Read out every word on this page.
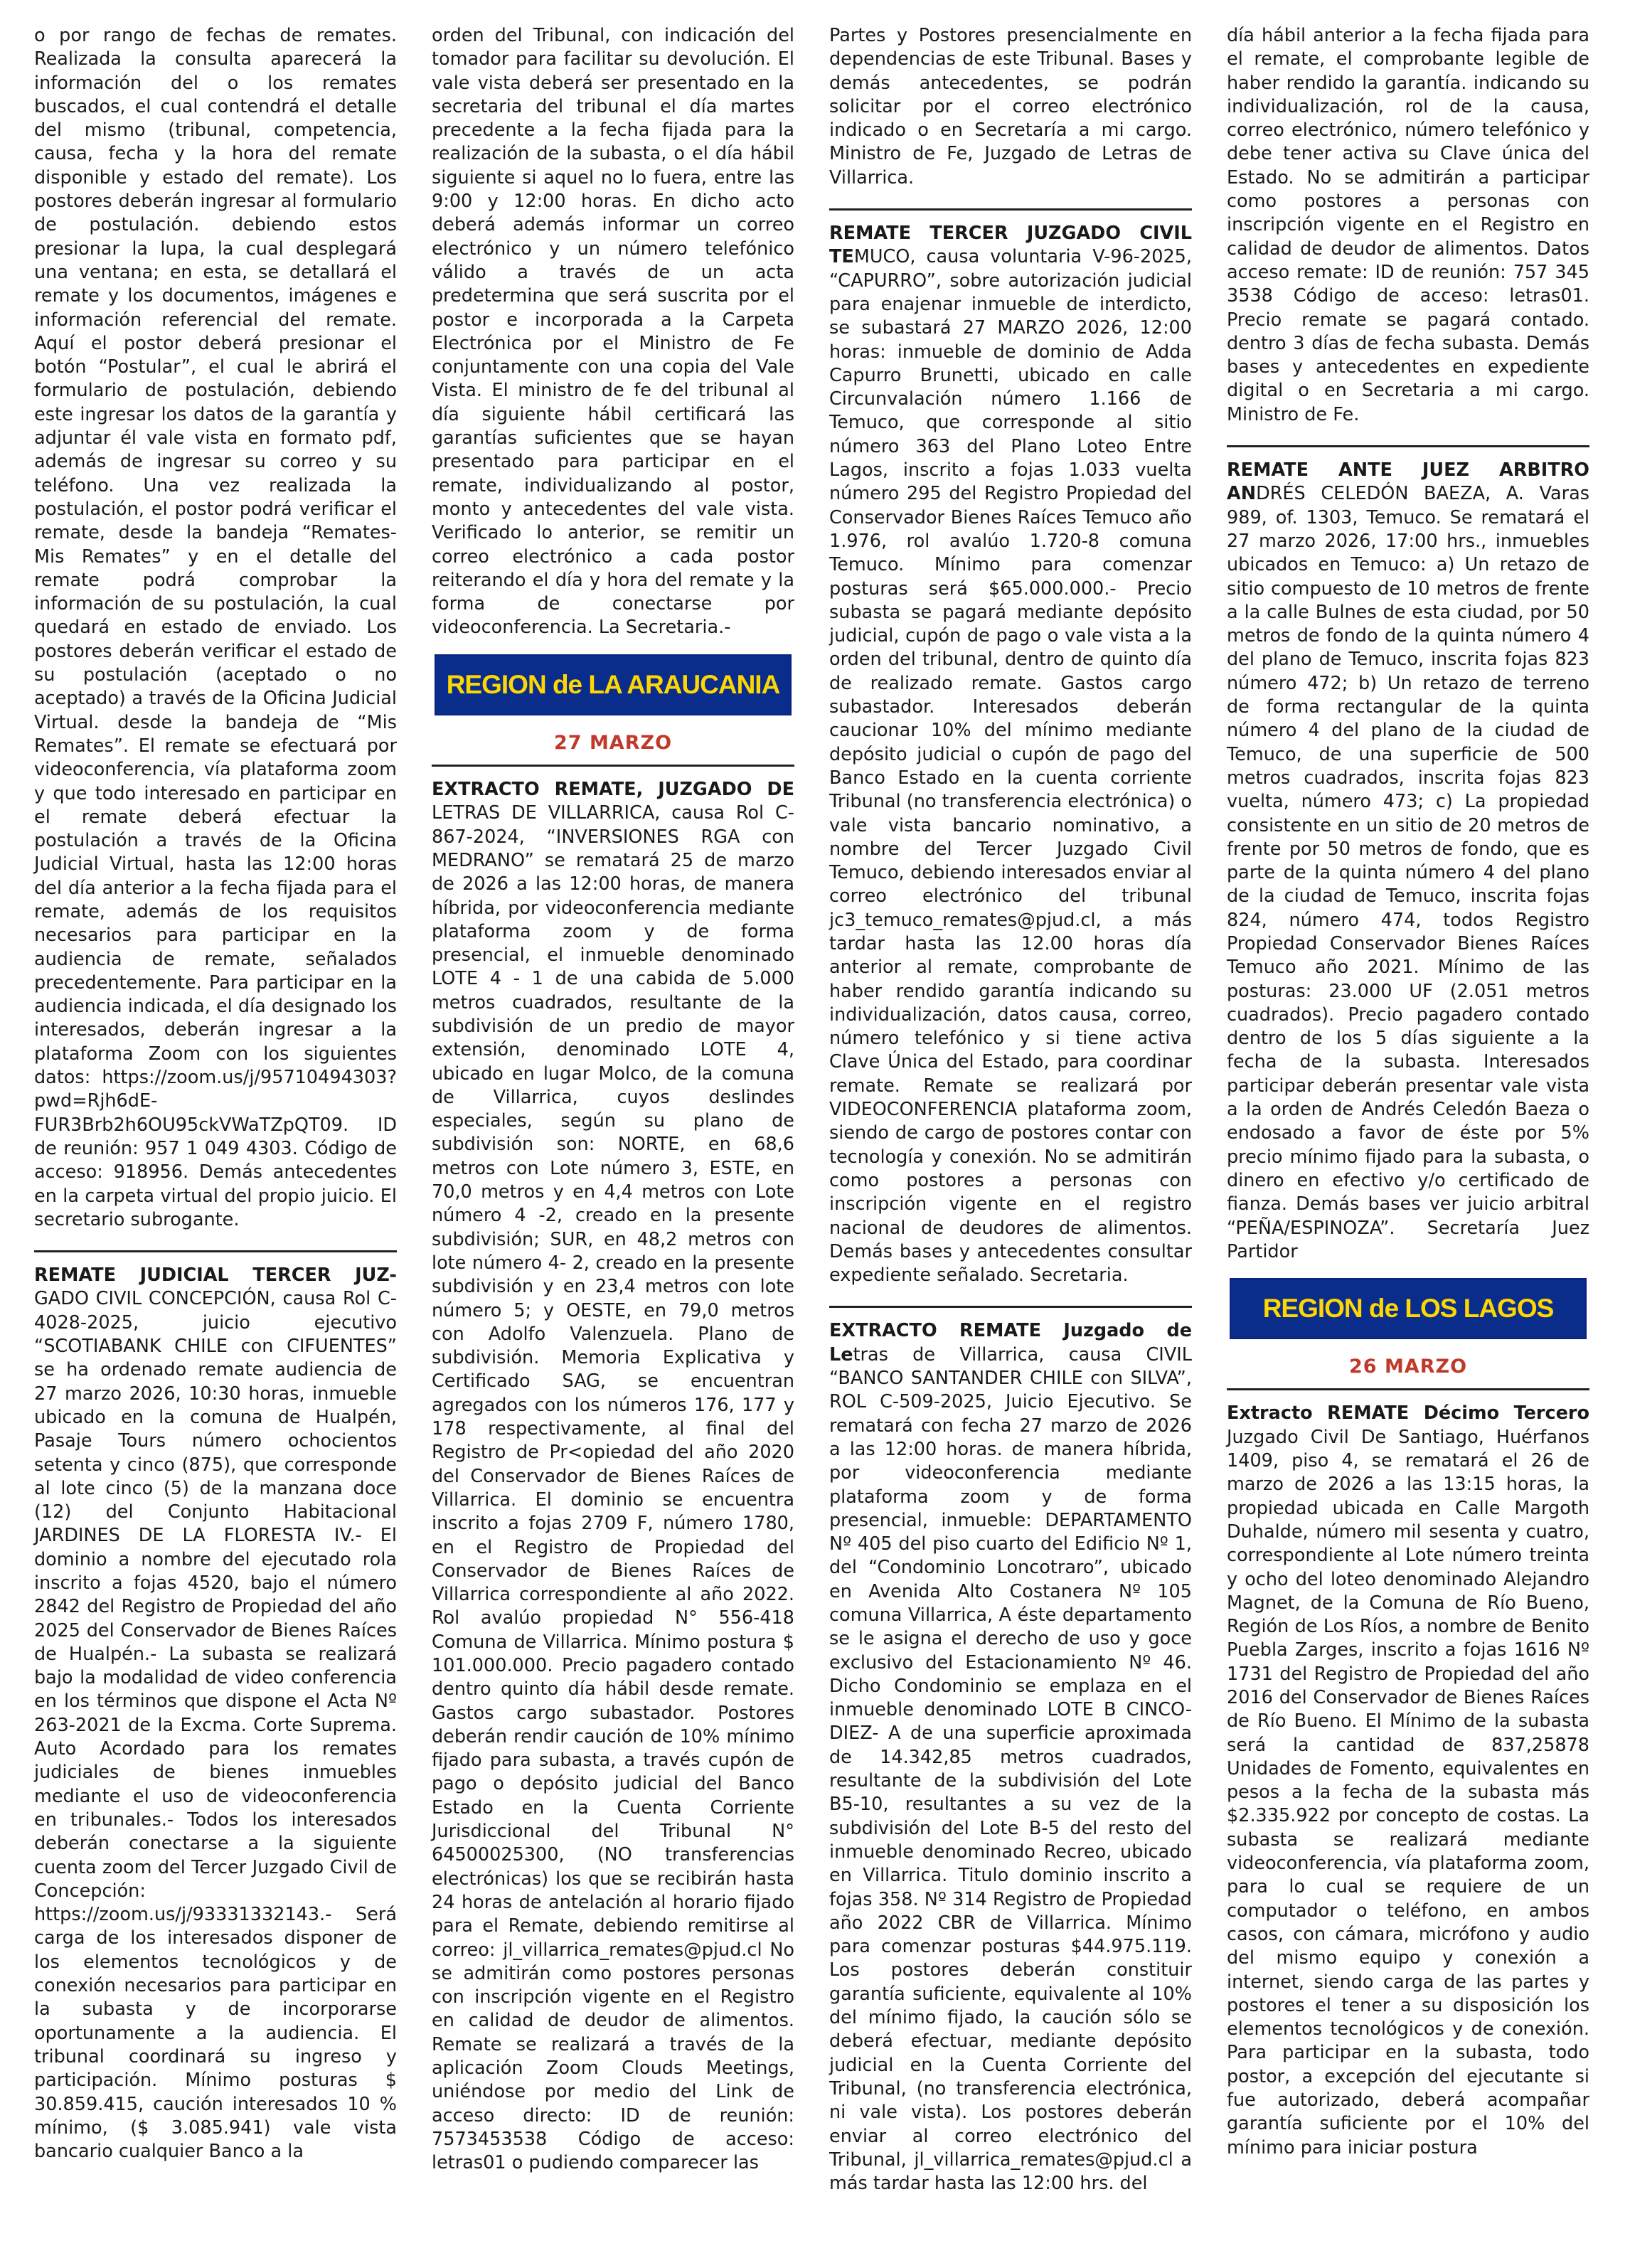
o por rango de fechas de remates. Realizada la consulta aparecerá la información del o los remates buscados, el cual contendrá el detalle del mismo (tribunal, competencia, causa, fecha y la hora del remate disponible y estado del remate). Los postores deberán ingresar al formulario de postulación. debiendo estos presionar la lupa, la cual desplegará una ventana; en esta, se detallará el remate y los documentos, imágenes e información referencial del remate. Aquí el postor deberá presionar el botón “Postular”, el cual le abrirá el formulario de postulación, debiendo este ingresar los datos de la garantía y adjuntar él vale vista en formato pdf, además de ingresar su correo y su teléfono. Una vez realizada la postulación, el postor podrá verificar el remate, desde la bandeja “Remates-Mis Remates” y en el detalle del remate podrá comprobar la información de su postulación, la cual quedará en estado de enviado. Los postores deberán verificar el estado de su postulación (aceptado o no aceptado) a través de la Oficina Judicial Virtual. desde la bandeja de “Mis Remates”. El remate se efectuará por videoconferencia, vía plataforma zoom y que todo interesado en participar en el remate deberá efectuar la postulación a través de la Oficina Judicial Virtual, hasta las 12:00 horas del día anterior a la fecha fijada para el remate, además de los requisitos necesarios para participar en la audiencia de remate, señalados precedentemente. Para participar en la audiencia indicada, el día designado los interesados, deberán ingresar a la plataforma Zoom con los siguientes datos: https://zoom.us/j/95710494303?pwd=Rjh6dE-FUR3Brb2h6OU95ckVWaTZpQT09. ID de reunión: 957 1 049 4303. Código de acceso: 918956. Demás antecedentes en la carpeta virtual del propio juicio. El secretario subrogante.

REMATE JUDICIAL TERCER JUZ- GADO CIVIL CONCEPCIÓN, causa Rol C-4028-2025, juicio ejecutivo “SCOTIABANK CHILE con CIFUENTES” se ha ordenado remate audiencia de 27 marzo 2026, 10:30 horas, inmueble ubicado en la comuna de Hualpén, Pasaje Tours número ochocientos setenta y cinco (875), que corresponde al lote cinco (5) de la manzana doce (12) del Conjunto Habitacional JARDINES DE LA FLORESTA IV.- El dominio a nombre del ejecutado rola inscrito a fojas 4520, bajo el número 2842 del Registro de Propiedad del año 2025 del Conservador de Bienes Raíces de Hualpén.- La subasta se realizará bajo la modalidad de video conferencia en los términos que dispone el Acta Nº 263-2021 de la Excma. Corte Suprema. Auto Acordado para los remates judiciales de bienes inmuebles mediante el uso de videoconferencia en tribunales.- Todos los interesados deberán conectarse a la siguiente cuenta zoom del Tercer Juzgado Civil de Concepción: https://zoom.us/j/93331332143.- Será carga de los interesados disponer de los elementos tecnológicos y de conexión necesarios para participar en la subasta y de incorporarse oportunamente a la audiencia. El tribunal coordinará su ingreso y participación. Mínimo posturas $ 30.859.415, caución interesados 10 % mínimo, ($ 3.085.941) vale vista bancario cualquier Banco a la

orden del Tribunal, con indicación del tomador para facilitar su devolución. El vale vista deberá ser presentado en la secretaria del tribunal el día martes precedente a la fecha fijada para la realización de la subasta, o el día hábil siguiente si aquel no lo fuera, entre las 9:00 y 12:00 horas. En dicho acto deberá además informar un correo electrónico y un número telefónico válido a través de un acta predetermina que será suscrita por el postor e incorporada a la Carpeta Electrónica por el Ministro de Fe conjuntamente con una copia del Vale Vista. El ministro de fe del tribunal al día siguiente hábil certificará las garantías suficientes que se hayan presentado para participar en el remate, individualizando al postor, monto y antecedentes del vale vista. Verificado lo anterior, se remitir un correo electrónico a cada postor reiterando el día y hora del remate y la forma de conectarse por videoconferencia. La Secretaria.-

REGION de LA ARAUCANIA
27 MARZO

EXTRACTO REMATE, JUZGADO DE LETRAS DE VILLARRICA, causa Rol C-867-2024, “INVERSIONES RGA con MEDRANO” se rematará 25 de marzo de 2026 a las 12:00 horas, de manera híbrida, por videoconferencia mediante plataforma zoom y de forma presencial, el inmueble denominado LOTE 4 - 1 de una cabida de 5.000 metros cuadrados, resultante de la subdivisión de un predio de mayor extensión, denominado LOTE 4, ubicado en lugar Molco, de la comuna de Villarrica, cuyos deslindes especiales, según su plano de subdivisión son: NORTE, en 68,6 metros con Lote número 3, ESTE, en 70,0 metros y en 4,4 metros con Lote número 4 -2, creado en la presente subdivisión; SUR, en 48,2 metros con lote número 4- 2, creado en la presente subdivisión y en 23,4 metros con lote número 5; y OESTE, en 79,0 metros con Adolfo Valenzuela. Plano de subdivisión. Memoria Explicativa y Certificado SAG, se encuentran agregados con los números 176, 177 y 178 respectivamente, al final del Registro de Pr<opiedad del año 2020 del Conservador de Bienes Raíces de Villarrica. El dominio se encuentra inscrito a fojas 2709 F, número 1780, en el Registro de Propiedad del Conservador de Bienes Raíces de Villarrica correspondiente al año 2022. Rol avalúo propiedad N° 556-418 Comuna de Villarrica. Mínimo postura $ 101.000.000. Precio pagadero contado dentro quinto día hábil desde remate. Gastos cargo subastador. Postores deberán rendir caución de 10% mínimo fijado para subasta, a través cupón de pago o depósito judicial del Banco Estado en la Cuenta Corriente Jurisdiccional del Tribunal N° 64500025300, (NO transferencias electrónicas) los que se recibirán hasta 24 horas de antelación al horario fijado para el Remate, debiendo remitirse al correo: jl_villarrica_remates@pjud.cl No se admitirán como postores personas con inscripción vigente en el Registro en calidad de deudor de alimentos. Remate se realizará a través de la aplicación Zoom Clouds Meetings, uniéndose por medio del Link de acceso directo: ID de reunión: 7573453538 Código de acceso: letras01 o pudiendo comparecer las

Partes y Postores presencialmente en dependencias de este Tribunal. Bases y demás antecedentes, se podrán solicitar por el correo electrónico indicado o en Secretaría a mi cargo. Ministro de Fe, Juzgado de Letras de Villarrica.

REMATE TERCER JUZGADO CIVIL TEMUCO, causa voluntaria V-96-2025, “CAPURRO”, sobre autorización judicial para enajenar inmueble de interdicto, se subastará 27 MARZO 2026, 12:00 horas: inmueble de dominio de Adda Capurro Brunetti, ubicado en calle Circunvalación número 1.166 de Temuco, que corresponde al sitio número 363 del Plano Loteo Entre Lagos, inscrito a fojas 1.033 vuelta número 295 del Registro Propiedad del Conservador Bienes Raíces Temuco año 1.976, rol avalúo 1.720-8 comuna Temuco. Mínimo para comenzar posturas será $65.000.000.- Precio subasta se pagará mediante depósito judicial, cupón de pago o vale vista a la orden del tribunal, dentro de quinto día de realizado remate. Gastos cargo subastador. Interesados deberán caucionar 10% del mínimo mediante depósito judicial o cupón de pago del Banco Estado en la cuenta corriente Tribunal (no transferencia electrónica) o vale vista bancario nominativo, a nombre del Tercer Juzgado Civil Temuco, debiendo interesados enviar al correo electrónico del tribunal jc3_temuco_remates@pjud.cl, a más tardar hasta las 12.00 horas día anterior al remate, comprobante de haber rendido garantía indicando su individualización, datos causa, correo, número telefónico y si tiene activa Clave Única del Estado, para coordinar remate. Remate se realizará por VIDEOCONFERENCIA plataforma zoom, siendo de cargo de postores contar con tecnología y conexión. No se admitirán como postores a personas con inscripción vigente en el registro nacional de deudores de alimentos. Demás bases y antecedentes consultar expediente señalado. Secretaria.

EXTRACTO REMATE Juzgado de Letras de Villarrica, causa CIVIL “BANCO SANTANDER CHILE con SILVA”, ROL C-509-2025, Juicio Ejecutivo. Se rematará con fecha 27 marzo de 2026 a las 12:00 horas. de manera híbrida, por videoconferencia mediante plataforma zoom y de forma presencial, inmueble: DEPARTAMENTO Nº 405 del piso cuarto del Edificio Nº 1, del “Condominio Loncotraro”, ubicado en Avenida Alto Costanera Nº 105 comuna Villarrica, A éste departamento se le asigna el derecho de uso y goce exclusivo del Estacionamiento Nº 46. Dicho Condominio se emplaza en el inmueble denominado LOTE B CINCO-DIEZ- A de una superficie aproximada de 14.342,85 metros cuadrados, resultante de la subdivisión del Lote B5-10, resultantes a su vez de la subdivisión del Lote B-5 del resto del inmueble denominado Recreo, ubicado en Villarrica. Titulo dominio inscrito a fojas 358. Nº 314 Registro de Propiedad año 2022 CBR de Villarrica. Mínimo para comenzar posturas $44.975.119. Los postores deberán constituir garantía suficiente, equivalente al 10% del mínimo fijado, la caución sólo se deberá efectuar, mediante depósito judicial en la Cuenta Corriente del Tribunal, (no transferencia electrónica, ni vale vista). Los postores deberán enviar al correo electrónico del Tribunal, jl_villarrica_remates@pjud.cl a más tardar hasta las 12:00 hrs. del

día hábil anterior a la fecha fijada para el remate, el comprobante legible de haber rendido la garantía. indicando su individualización, rol de la causa, correo electrónico, número telefónico y debe tener activa su Clave única del Estado. No se admitirán a participar como postores a personas con inscripción vigente en el Registro en calidad de deudor de alimentos. Datos acceso remate: ID de reunión: 757 345 3538 Código de acceso: letras01. Precio remate se pagará contado. dentro 3 días de fecha subasta. Demás bases y antecedentes en expediente digital o en Secretaria a mi cargo. Ministro de Fe.

REMATE ANTE JUEZ ARBITRO ANDRÉS CELEDÓN BAEZA, A. Varas 989, of. 1303, Temuco. Se rematará el 27 marzo 2026, 17:00 hrs., inmuebles ubicados en Temuco: a) Un retazo de sitio compuesto de 10 metros de frente a la calle Bulnes de esta ciudad, por 50 metros de fondo de la quinta número 4 del plano de Temuco, inscrita fojas 823 número 472; b) Un retazo de terreno de forma rectangular de la quinta número 4 del plano de la ciudad de Temuco, de una superficie de 500 metros cuadrados, inscrita fojas 823 vuelta, número 473; c) La propiedad consistente en un sitio de 20 metros de frente por 50 metros de fondo, que es parte de la quinta número 4 del plano de la ciudad de Temuco, inscrita fojas 824, número 474, todos Registro Propiedad Conservador Bienes Raíces Temuco año 2021. Mínimo de las posturas: 23.000 UF (2.051 metros cuadrados). Precio pagadero contado dentro de los 5 días siguiente a la fecha de la subasta. Interesados participar deberán presentar vale vista a la orden de Andrés Celedón Baeza o endosado a favor de éste por 5% precio mínimo fijado para la subasta, o dinero en efectivo y/o certificado de fianza. Demás bases ver juicio arbitral “PEÑA/ESPINOZA”. Secretaría Juez Partidor

REGION de LOS LAGOS
26 MARZO

Extracto REMATE Décimo Tercero Juzgado Civil De Santiago, Huérfanos 1409, piso 4, se rematará el 26 de marzo de 2026 a las 13:15 horas, la propiedad ubicada en Calle Margoth Duhalde, número mil sesenta y cuatro, correspondiente al Lote número treinta y ocho del loteo denominado Alejandro Magnet, de la Comuna de Río Bueno, Región de Los Ríos, a nombre de Benito Puebla Zarges, inscrito a fojas 1616 Nº 1731 del Registro de Propiedad del año 2016 del Conservador de Bienes Raíces de Río Bueno. El Mínimo de la subasta será la cantidad de 837,25878 Unidades de Fomento, equivalentes en pesos a la fecha de la subasta más $2.335.922 por concepto de costas. La subasta se realizará mediante videoconferencia, vía plataforma zoom, para lo cual se requiere de un computador o teléfono, en ambos casos, con cámara, micrófono y audio del mismo equipo y conexión a internet, siendo carga de las partes y postores el tener a su disposición los elementos tecnológicos y de conexión. Para participar en la subasta, todo postor, a excepción del ejecutante si fue autorizado, deberá acompañar garantía suficiente por el 10% del mínimo para iniciar postura
